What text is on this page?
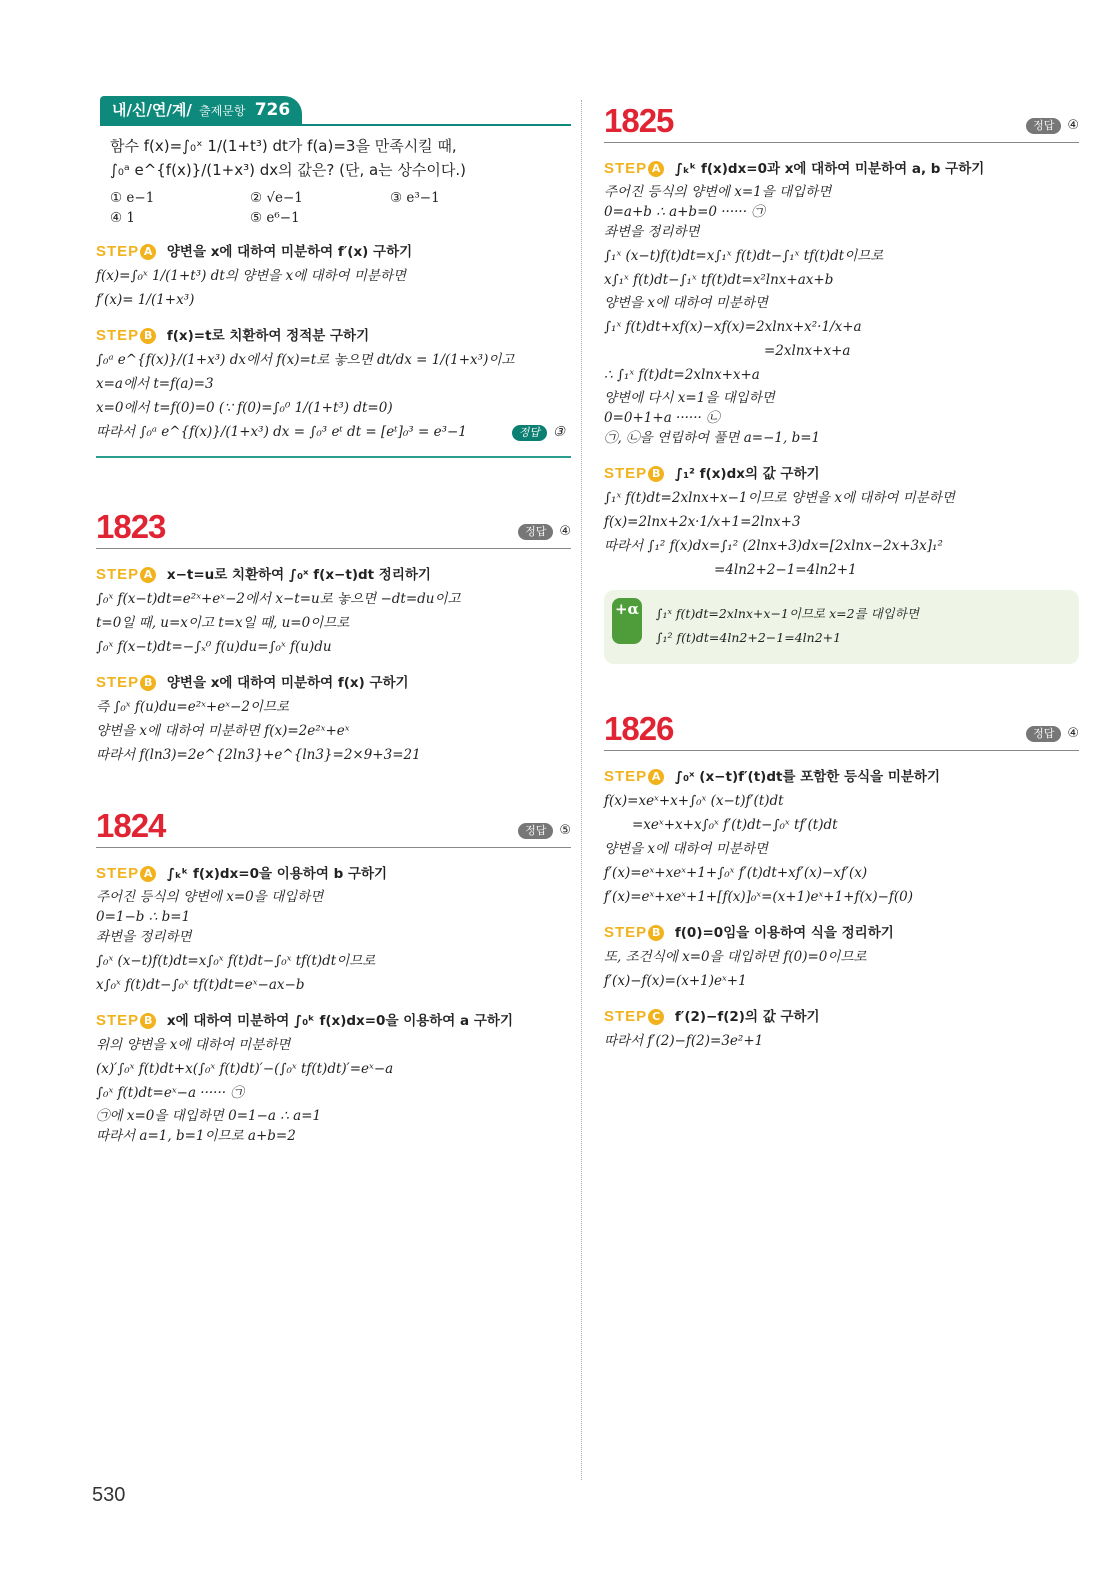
내/신/연/계/ 출제문항 726
함수 f(x)=∫₀ˣ 1/(1+t³) dt가 f(a)=3을 만족시킬 때,
∫₀ᵃ e^{f(x)}/(1+x³) dx의 값은? (단, a는 상수이다.)
① e−1	② √e−1	③ e³−1
④ 1	⑤ e⁶−1
STEP A 양변을 x에 대하여 미분하여 f′(x) 구하기
f(x)=∫₀ˣ 1/(1+t³) dt의 양변을 x에 대하여 미분하면
f′(x)= 1/(1+x³)
STEP B f(x)=t로 치환하여 정적분 구하기
∫₀ᵃ e^{f(x)}/(1+x³) dx에서 f(x)=t로 놓으면 dt/dx = 1/(1+x³)이고
x=a에서 t=f(a)=3
x=0에서 t=f(0)=0 (∵ f(0)=∫₀⁰ 1/(1+t³) dt=0)
따라서 ∫₀ᵃ e^{f(x)}/(1+x³) dx = ∫₀³ eᵗ dt = [eᵗ]₀³ = e³−1	정답 ③
1823	정답 ④
STEP A x−t=u로 치환하여 ∫₀ˣ f(x−t)dt 정리하기
∫₀ˣ f(x−t)dt=e²ˣ+eˣ−2에서 x−t=u로 놓으면 −dt=du이고
t=0일 때, u=x이고 t=x일 때, u=0이므로
∫₀ˣ f(x−t)dt=−∫ₓ⁰ f(u)du=∫₀ˣ f(u)du
STEP B 양변을 x에 대하여 미분하여 f(x) 구하기
즉 ∫₀ˣ f(u)du=e²ˣ+eˣ−2이므로
양변을 x에 대하여 미분하면 f(x)=2e²ˣ+eˣ
따라서 f(ln3)=2e^{2ln3}+e^{ln3}=2×9+3=21
1824	정답 ⑤
STEP A ∫ₖᵏ f(x)dx=0을 이용하여 b 구하기
주어진 등식의 양변에 x=0을 대입하면
0=1−b ∴ b=1
좌변을 정리하면
∫₀ˣ (x−t)f(t)dt=x∫₀ˣ f(t)dt−∫₀ˣ tf(t)dt이므로
x∫₀ˣ f(t)dt−∫₀ˣ tf(t)dt=eˣ−ax−b
STEP B x에 대하여 미분하여 ∫₀ᵏ f(x)dx=0을 이용하여 a 구하기
위의 양변을 x에 대하여 미분하면
(x)′∫₀ˣ f(t)dt+x(∫₀ˣ f(t)dt)′−(∫₀ˣ tf(t)dt)′=eˣ−a
∫₀ˣ f(t)dt=eˣ−a ······ ㉠
㉠에 x=0을 대입하면 0=1−a ∴ a=1
따라서 a=1, b=1이므로 a+b=2
1825	정답 ④
STEP A ∫ₖᵏ f(x)dx=0과 x에 대하여 미분하여 a, b 구하기
주어진 등식의 양변에 x=1을 대입하면
0=a+b ∴ a+b=0 ······ ㉠
좌변을 정리하면
∫₁ˣ (x−t)f(t)dt=x∫₁ˣ f(t)dt−∫₁ˣ tf(t)dt이므로
x∫₁ˣ f(t)dt−∫₁ˣ tf(t)dt=x²lnx+ax+b
양변을 x에 대하여 미분하면
∫₁ˣ f(t)dt+xf(x)−xf(x)=2xlnx+x²·1/x+a
=2xlnx+x+a
∴ ∫₁ˣ f(t)dt=2xlnx+x+a
양변에 다시 x=1을 대입하면
0=0+1+a ······ ㉡
㉠, ㉡을 연립하여 풀면 a=−1, b=1
STEP B ∫₁² f(x)dx의 값 구하기
∫₁ˣ f(t)dt=2xlnx+x−1이므로 양변을 x에 대하여 미분하면
f(x)=2lnx+2x·1/x+1=2lnx+3
따라서 ∫₁² f(x)dx=∫₁² (2lnx+3)dx=[2xlnx−2x+3x]₁²
=4ln2+2−1=4ln2+1
+α ∫₁ˣ f(t)dt=2xlnx+x−1이므로 x=2를 대입하면
∫₁² f(t)dt=4ln2+2−1=4ln2+1
1826	정답 ④
STEP A ∫₀ˣ (x−t)f′(t)dt를 포함한 등식을 미분하기
f(x)=xeˣ+x+∫₀ˣ (x−t)f′(t)dt
=xeˣ+x+x∫₀ˣ f′(t)dt−∫₀ˣ tf′(t)dt
양변을 x에 대하여 미분하면
f′(x)=eˣ+xeˣ+1+∫₀ˣ f′(t)dt+xf′(x)−xf′(x)
f′(x)=eˣ+xeˣ+1+[f(x)]₀ˣ=(x+1)eˣ+1+f(x)−f(0)
STEP B f(0)=0임을 이용하여 식을 정리하기
또, 조건식에 x=0을 대입하면 f(0)=0이므로
f′(x)−f(x)=(x+1)eˣ+1
STEP C f′(2)−f(2)의 값 구하기
따라서 f′(2)−f(2)=3e²+1
530
